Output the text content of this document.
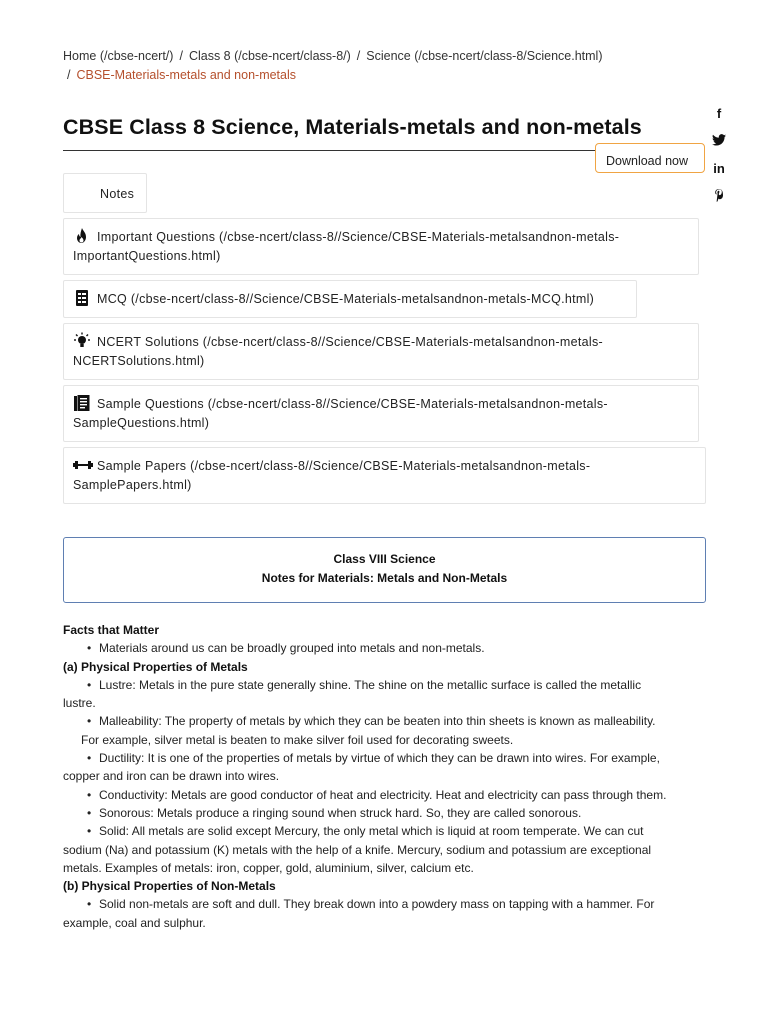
Home (/cbse-ncert/) / Class 8 (/cbse-ncert/class-8/) / Science (/cbse-ncert/class-8/Science.html)
/ CBSE-Materials-metals and non-metals
CBSE Class 8 Science, Materials-metals and non-metals
Download now
f
in
Notes
Important Questions (/cbse-ncert/class-8//Science/CBSE-Materials-metalsandnon-metals-ImportantQuestions.html)
MCQ (/cbse-ncert/class-8//Science/CBSE-Materials-metalsandnon-metals-MCQ.html)
NCERT Solutions (/cbse-ncert/class-8//Science/CBSE-Materials-metalsandnon-metals-NCERTSolutions.html)
Sample Questions (/cbse-ncert/class-8//Science/CBSE-Materials-metalsandnon-metals-SampleQuestions.html)
Sample Papers (/cbse-ncert/class-8//Science/CBSE-Materials-metalsandnon-metals-SamplePapers.html)
Class VIII Science
Notes for Materials: Metals and Non-Metals
Facts that Matter
• Materials around us can be broadly grouped into metals and non-metals.
(a) Physical Properties of Metals
• Lustre: Metals in the pure state generally shine. The shine on the metallic surface is called the metallic lustre.
• Malleability: The property of metals by which they can be beaten into thin sheets is known as malleability.
For example, silver metal is beaten to make silver foil used for decorating sweets.
• Ductility: It is one of the properties of metals by virtue of which they can be drawn into wires. For example, copper and iron can be drawn into wires.
• Conductivity: Metals are good conductor of heat and electricity. Heat and electricity can pass through them.
• Sonorous: Metals produce a ringing sound when struck hard. So, they are called sonorous.
• Solid: All metals are solid except Mercury, the only metal which is liquid at room temperate. We can cut sodium (Na) and potassium (K) metals with the help of a knife. Mercury, sodium and potassium are exceptional metals. Examples of metals: iron, copper, gold, aluminium, silver, calcium etc.
(b) Physical Properties of Non-Metals
• Solid non-metals are soft and dull. They break down into a powdery mass on tapping with a hammer. For example, coal and sulphur.
